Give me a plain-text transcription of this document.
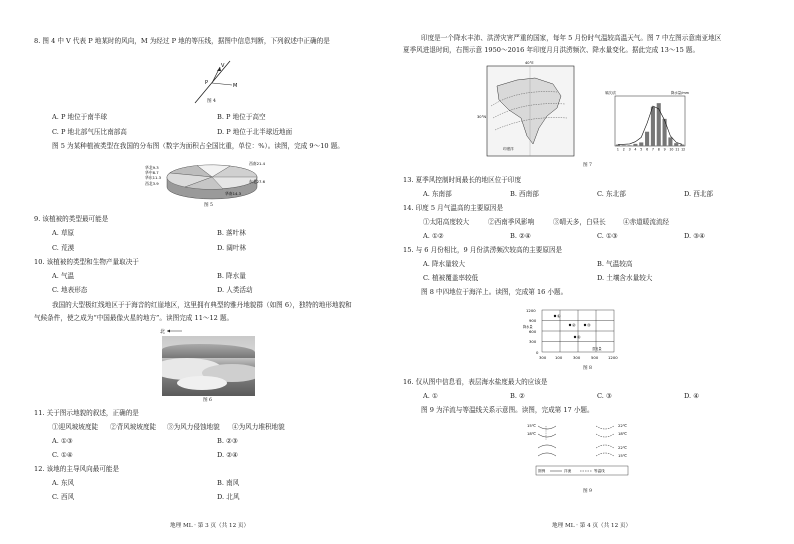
8. 图 4 中 V 代表 P 地某时的风向，M 为经过 P 地的等压线，据图中信息判断，下列叙述中正确的是
V
P	M
图 4
A. P 地位于南半球	B. P 地位于高空
C. P 地北部气压比南部高	D. P 地位于北半球近地面
图 5 为某种植被类型在我国的分布图（数字为面积占全国比重，单位：%）。读图，完成 9～10 题。
西南21.4
华北9.3
华中8.7
华东11.3
华南14.3
西北3.9	东北27.6
图 5
9. 该植被的类型最可能是
A. 草原	B. 落叶林
C. 荒漠	D. 阔叶林
10. 该植被的类型和生物产量取决于
A. 气温	B. 降水量
C. 地表形态	D. 人类活动
我国的大型极红线地区于于海音的红崖地区，这里拥有典型的雅丹地貌群（如图 6），独特的地形地貌和
气候条件，使之成为“中国最像火星的地方”。读图完成 11～12 题。
北
图 6
11. 关于图示地貌的叙述，正确的是
①迎风坡坡度陡 ②背风坡坡度陡 ③为风力侵蚀地貌 ④为风力堆积地貌
A. ①③	B. ②③
C. ①④	D. ②④
12. 该地的主导风向最可能是
A. 东风	B. 南风
C. 西风	D. 北风
地理 ML · 第 3 页（共 12 页）
印度是一个降水丰沛、洪涝灾害严重的国家，每年 5 月份时气温较高温天气。图 7 中左图示意南亚地区
夏季风进退时间，右图示意 1950～2016 年印度月月洪涝频次、降水量变化。据此完成 13～15 题。
40°E
30°N
印度洋
频次/次	降水量/mm
1 2 3 4 5 6 7 8 9 10 11 12
图 7
13. 夏季风控制时间最长的地区位于印度
A. 东南部	B. 西南部	C. 东北部	D. 西北部
14. 印度 5 月气温高的主要原因是
①太阳高度较大	②西南季风影响	③晴天多，白昼长	④赤道暖流流经
A. ①②	B. ②④	C. ①③	D. ③④
15. 与 6 月份相比，9 月份洪涝频次较高的主要原因是
A. 降水量较大	B. 气温较高
C. 植被覆盖率较低	D. 土壤含水量较大
图 8 中四地位于海洋上。读图，完成第 16 小题。
1200
900
600
300
0
300 100	300	500	1200
降水量
蒸发量
①
②	③
④
图 8
16. 仅从图中信息看，表层海水盐度最大的应该是
A. ①	B. ②	C. ③	D. ④
图 9 为洋流与等温线关系示意图。读图，完成第 17 小题。
15℃
18℃
22℃
18℃
22℃
15℃
图例	洋流	等温线
图 9
地理 ML · 第 4 页（共 12 页）
